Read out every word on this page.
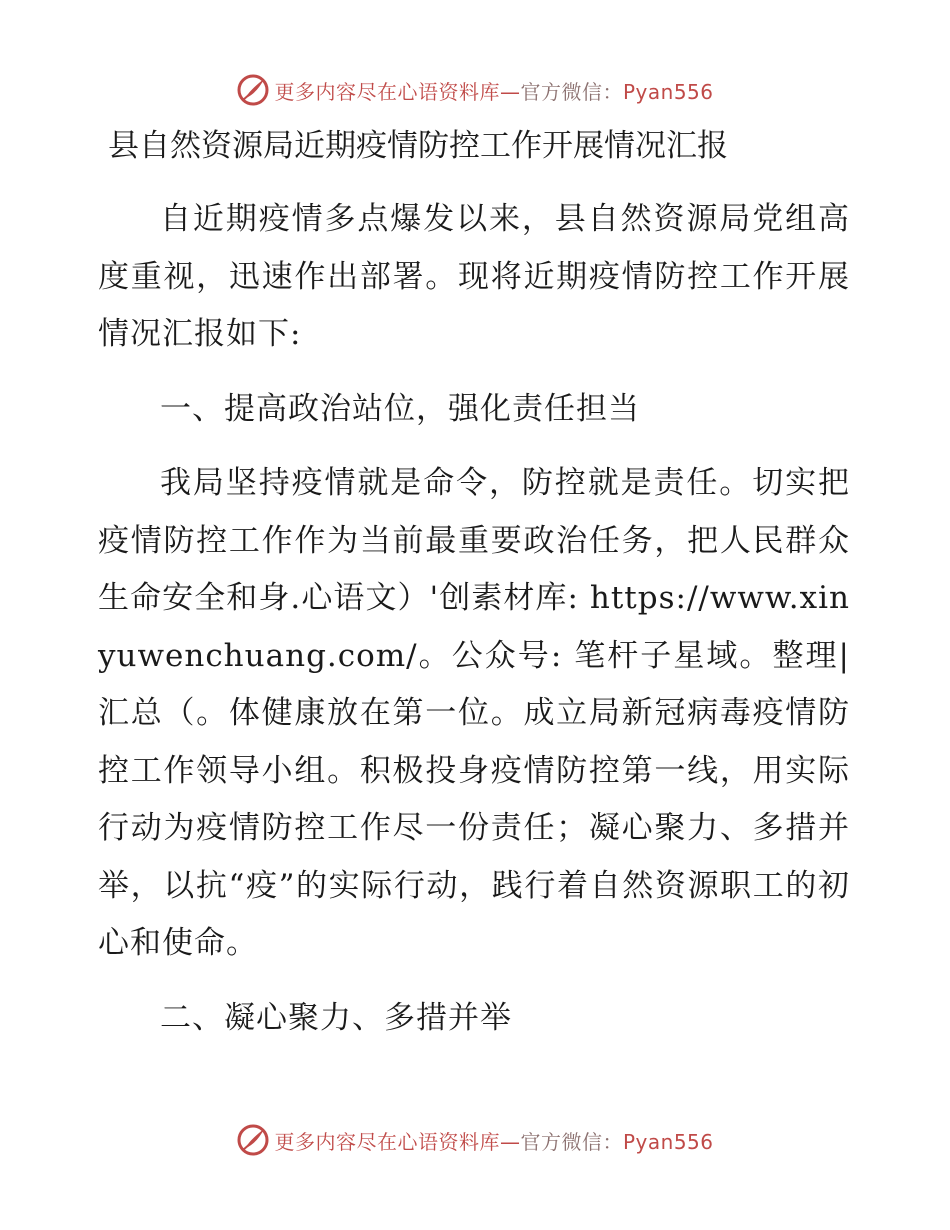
更多内容尽在心语资料库—官方微信：Pyan556
县自然资源局近期疫情防控工作开展情况汇报

自近期疫情多点爆发以来，县自然资源局党组高度重视，迅速作出部署。现将近期疫情防控工作开展情况汇报如下:

一、提高政治站位，强化责任担当

我局坚持疫情就是命令，防控就是责任。切实把疫情防控工作作为当前最重要政治任务，把人民群众生命安全和身.心语文）'创素材库: https://www.xinyuwenchuang.com/。公众号: 笔杆子星域。整理|汇总（。体健康放在第一位。成立局新冠病毒疫情防控工作领导小组。积极投身疫情防控第一线，用实际行动为疫情防控工作尽一份责任；凝心聚力、多措并举，以抗“疫”的实际行动，践行着自然资源职工的初心和使命。

二、凝心聚力、多措并举

更多内容尽在心语资料库—官方微信：Pyan556
